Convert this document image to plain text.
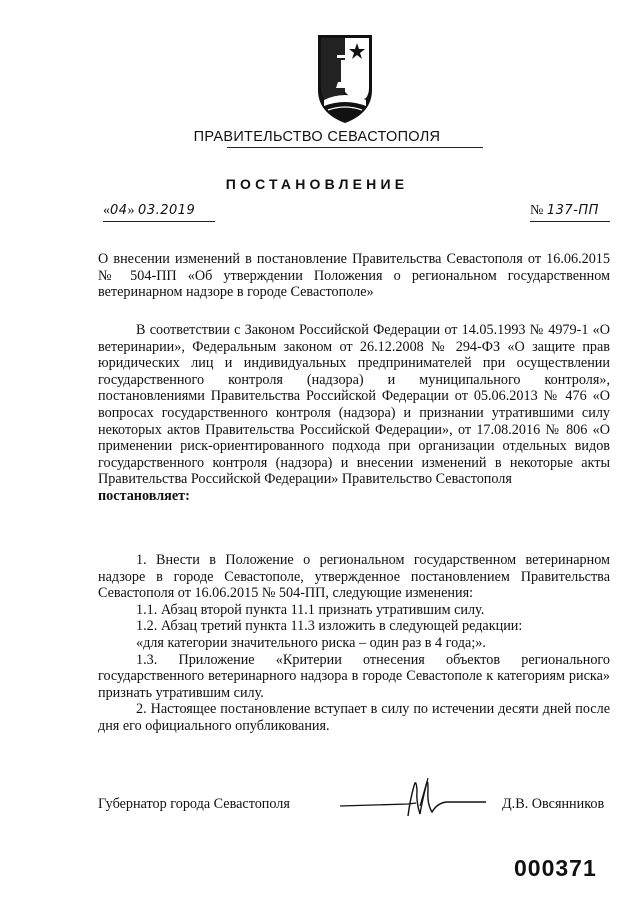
ПРАВИТЕЛЬСТВО СЕВАСТОПОЛЯ
ПОСТАНОВЛЕНИЕ
«04» 03.2019	№ 137-ПП

О внесении изменений в постановление Правительства Севастополя от 16.06.2015 № 504-ПП «Об утверждении Положения о региональном государственном ветеринарном надзоре в городе Севастополе»

В соответствии с Законом Российской Федерации от 14.05.1993 № 4979-1 «О ветеринарии», Федеральным законом от 26.12.2008 № 294-ФЗ «О защите прав юридических лиц и индивидуальных предпринимателей при осуществлении государственного контроля (надзора) и муниципального контроля», постановлениями Правительства Российской Федерации от 05.06.2013 № 476 «О вопросах государственного контроля (надзора) и признании утратившими силу некоторых актов Правительства Российской Федерации», от 17.08.2016 № 806 «О применении риск-ориентированного подхода при организации отдельных видов государственного контроля (надзора) и внесении изменений в некоторые акты Правительства Российской Федерации» Правительство Севастополя
постановляет:

1. Внести в Положение о региональном государственном ветеринарном надзоре в городе Севастополе, утвержденное постановлением Правительства Севастополя от 16.06.2015 № 504-ПП, следующие изменения:

1.1. Абзац второй пункта 11.1 признать утратившим силу.

1.2. Абзац третий пункта 11.3 изложить в следующей редакции:

«для категории значительного риска – один раз в 4 года;».

1.3. Приложение «Критерии отнесения объектов регионального государственного ветеринарного надзора в городе Севастополе к категориям риска» признать утратившим силу.

2. Настоящее постановление вступает в силу по истечении десяти дней после дня его официального опубликования.

Губернатор города Севастополя	Д.В. Овсянников
000371
